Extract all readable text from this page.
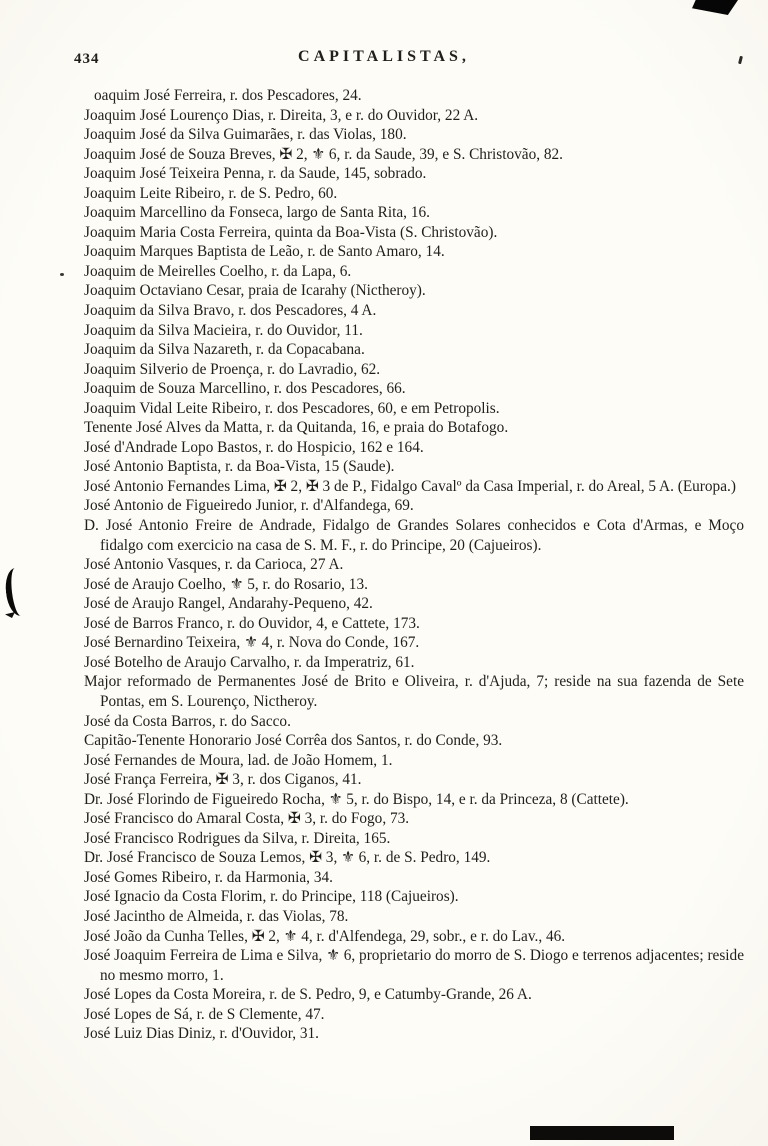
434	CAPITALISTAS,
oaquim José Ferreira, r. dos Pescadores, 24.
Joaquim José Lourenço Dias, r. Direita, 3, e r. do Ouvidor, 22 A.
Joaquim José da Silva Guimarães, r. das Violas, 180.
Joaquim José de Souza Breves, ✠ 2, ⚜ 6, r. da Saude, 39, e S. Christovão, 82.
Joaquim José Teixeira Penna, r. da Saude, 145, sobrado.
Joaquim Leite Ribeiro, r. de S. Pedro, 60.
Joaquim Marcellino da Fonseca, largo de Santa Rita, 16.
Joaquim Maria Costa Ferreira, quinta da Boa-Vista (S. Christovão).
Joaquim Marques Baptista de Leão, r. de Santo Amaro, 14.
Joaquim de Meirelles Coelho, r. da Lapa, 6.
Joaquim Octaviano Cesar, praia de Icarahy (Nictheroy).
Joaquim da Silva Bravo, r. dos Pescadores, 4 A.
Joaquim da Silva Macieira, r. do Ouvidor, 11.
Joaquim da Silva Nazareth, r. da Copacabana.
Joaquim Silverio de Proença, r. do Lavradio, 62.
Joaquim de Souza Marcellino, r. dos Pescadores, 66.
Joaquim Vidal Leite Ribeiro, r. dos Pescadores, 60, e em Petropolis.
Tenente José Alves da Matta, r. da Quitanda, 16, e praia do Botafogo.
José d'Andrade Lopo Bastos, r. do Hospicio, 162 e 164.
José Antonio Baptista, r. da Boa-Vista, 15 (Saude).
José Antonio Fernandes Lima, ✠ 2, ✠ 3 de P., Fidalgo Cavalº da Casa Imperial, r. do Areal, 5 A. (Europa.)
José Antonio de Figueiredo Junior, r. d'Alfandega, 69.
D. José Antonio Freire de Andrade, Fidalgo de Grandes Solares conhecidos e Cota d'Armas, e Moço fidalgo com exercicio na casa de S. M. F., r. do Principe, 20 (Cajueiros).
José Antonio Vasques, r. da Carioca, 27 A.
José de Araujo Coelho, ⚜ 5, r. do Rosario, 13.
José de Araujo Rangel, Andarahy-Pequeno, 42.
José de Barros Franco, r. do Ouvidor, 4, e Cattete, 173.
José Bernardino Teixeira, ⚜ 4, r. Nova do Conde, 167.
José Botelho de Araujo Carvalho, r. da Imperatriz, 61.
Major reformado de Permanentes José de Brito e Oliveira, r. d'Ajuda, 7; reside na sua fazenda de Sete Pontas, em S. Lourenço, Nictheroy.
José da Costa Barros, r. do Sacco.
Capitão-Tenente Honorario José Corrêa dos Santos, r. do Conde, 93.
José Fernandes de Moura, lad. de João Homem, 1.
José França Ferreira, ✠ 3, r. dos Ciganos, 41.
Dr. José Florindo de Figueiredo Rocha, ⚜ 5, r. do Bispo, 14, e r. da Princeza, 8 (Cattete).
José Francisco do Amaral Costa, ✠ 3, r. do Fogo, 73.
José Francisco Rodrigues da Silva, r. Direita, 165.
Dr. José Francisco de Souza Lemos, ✠ 3, ⚜ 6, r. de S. Pedro, 149.
José Gomes Ribeiro, r. da Harmonia, 34.
José Ignacio da Costa Florim, r. do Principe, 118 (Cajueiros).
José Jacintho de Almeida, r. das Violas, 78.
José João da Cunha Telles, ✠ 2, ⚜ 4, r. d'Alfendega, 29, sobr., e r. do Lav., 46.
José Joaquim Ferreira de Lima e Silva, ⚜ 6, proprietario do morro de S. Diogo e terrenos adjacentes; reside no mesmo morro, 1.
José Lopes da Costa Moreira, r. de S. Pedro, 9, e Catumby-Grande, 26 A.
José Lopes de Sá, r. de S Clemente, 47.
José Luiz Dias Diniz, r. d'Ouvidor, 31.
